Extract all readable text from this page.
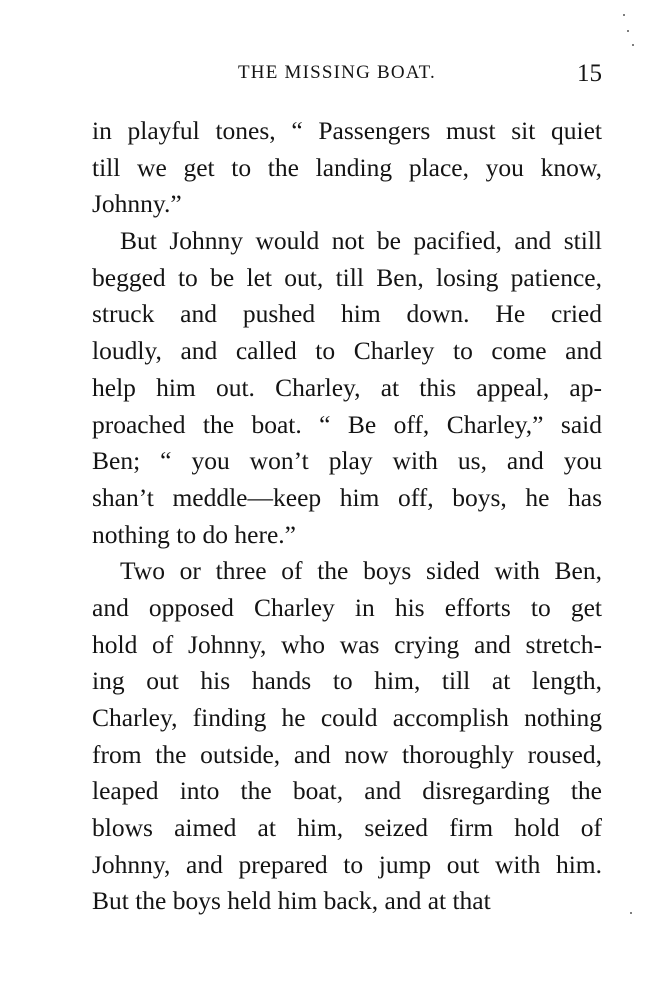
THE MISSING BOAT.	15
in playful tones, “ Passengers must sit quiet
till we get to the landing place, you know,
Johnny.”
But Johnny would not be pacified, and still
begged to be let out, till Ben, losing patience,
struck and pushed him down. He cried
loudly, and called to Charley to come and
help him out. Charley, at this appeal, ap-
proached the boat. “ Be off, Charley,” said
Ben; “ you won’t play with us, and you
shan’t meddle—keep him off, boys, he has
nothing to do here.”
Two or three of the boys sided with Ben,
and opposed Charley in his efforts to get
hold of Johnny, who was crying and stretch-
ing out his hands to him, till at length,
Charley, finding he could accomplish nothing
from the outside, and now thoroughly roused,
leaped into the boat, and disregarding the
blows aimed at him, seized firm hold of
Johnny, and prepared to jump out with him.
But the boys held him back, and at that
